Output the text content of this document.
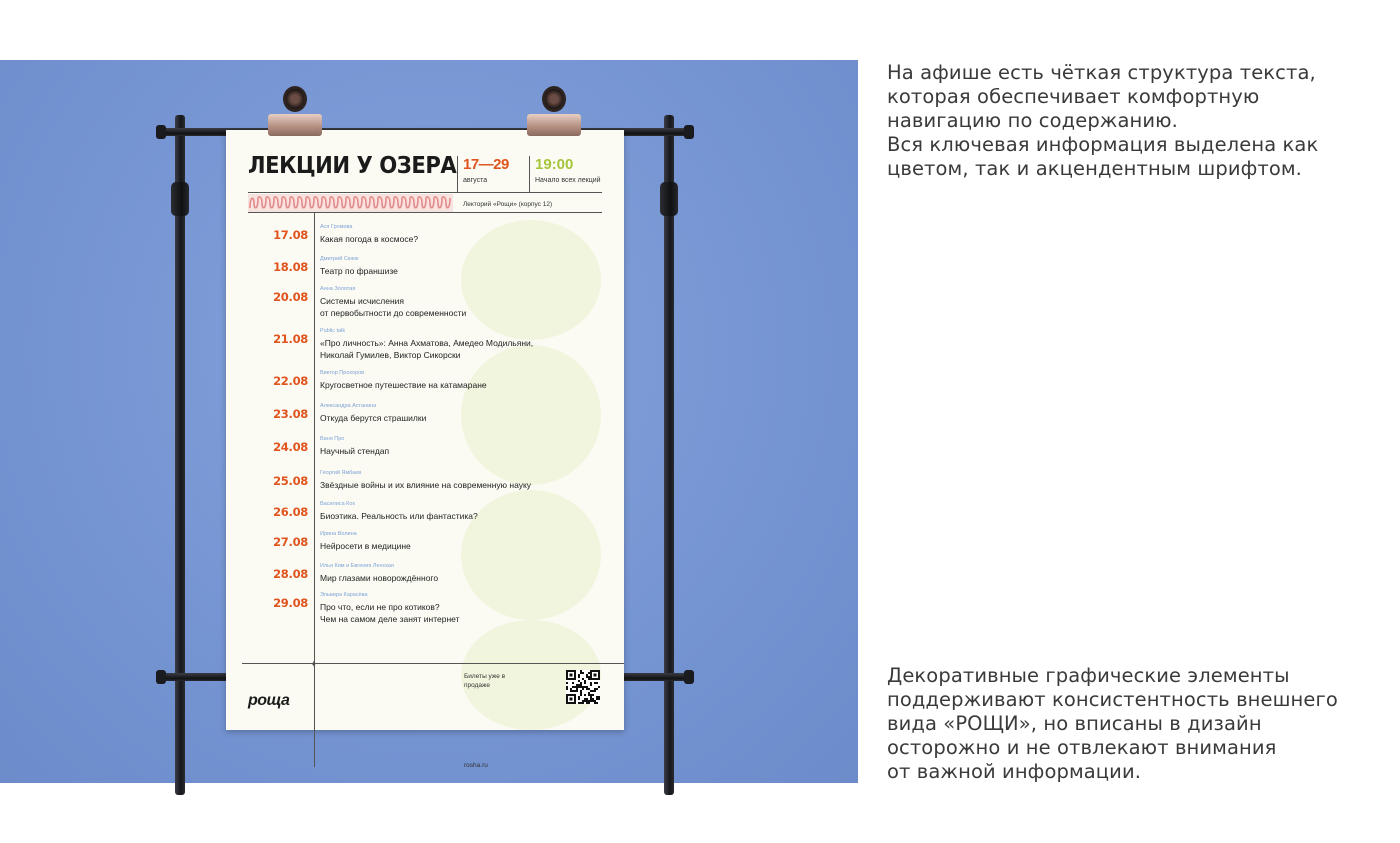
ЛЕКЦИИ У ОЗЕРА 17—29
августа
19:00
Начало всех лекций
Лекторий «Рощи» (корпус 12)
17.08
Ася Громова
Какая погода в космосе?
18.08
Дмитрий Сююк
Театр по франшизе
20.08
Анна Золотая
Системы исчисления
от первобытности до современности
21.08
Public talk
«Про личность»: Анна Ахматова, Амедео Модильяни,
Николай Гумилев, Виктор Сикорски
22.08
Виктор Прохоров
Кругосветное путешествие на катамаране
23.08
Александра Астанина
Откуда берутся страшилки
24.08
Ваня Про
Научный стендап
25.08
Георгий Ямбаев
Звёздные войны и их влияние на современную науку
26.08
Василиса Кох
Биоэтика. Реальность или фантастика?
27.08
Ирина Волина
Нейросети в медицине
28.08
Илья Ким и Евгения Ленская
Мир глазами новорождённого
29.08
Эльвира Карасёва
Про что, если не про котиков?
Чем на самом деле занят интернет
✦
роща
Билеты уже в продаже
rosha.ru

На афише есть чёткая структура текста,

которая обеспечивает комфортную

навигацию по содержанию.

Вся ключевая информация выделена как

цветом, так и акцендентным шрифтом.

Декоративные графические элементы

поддерживают консистентность внешнего

вида «РОЩИ», но вписаны в дизайн

осторожно и не отвлекают внимания

от важной информации.
